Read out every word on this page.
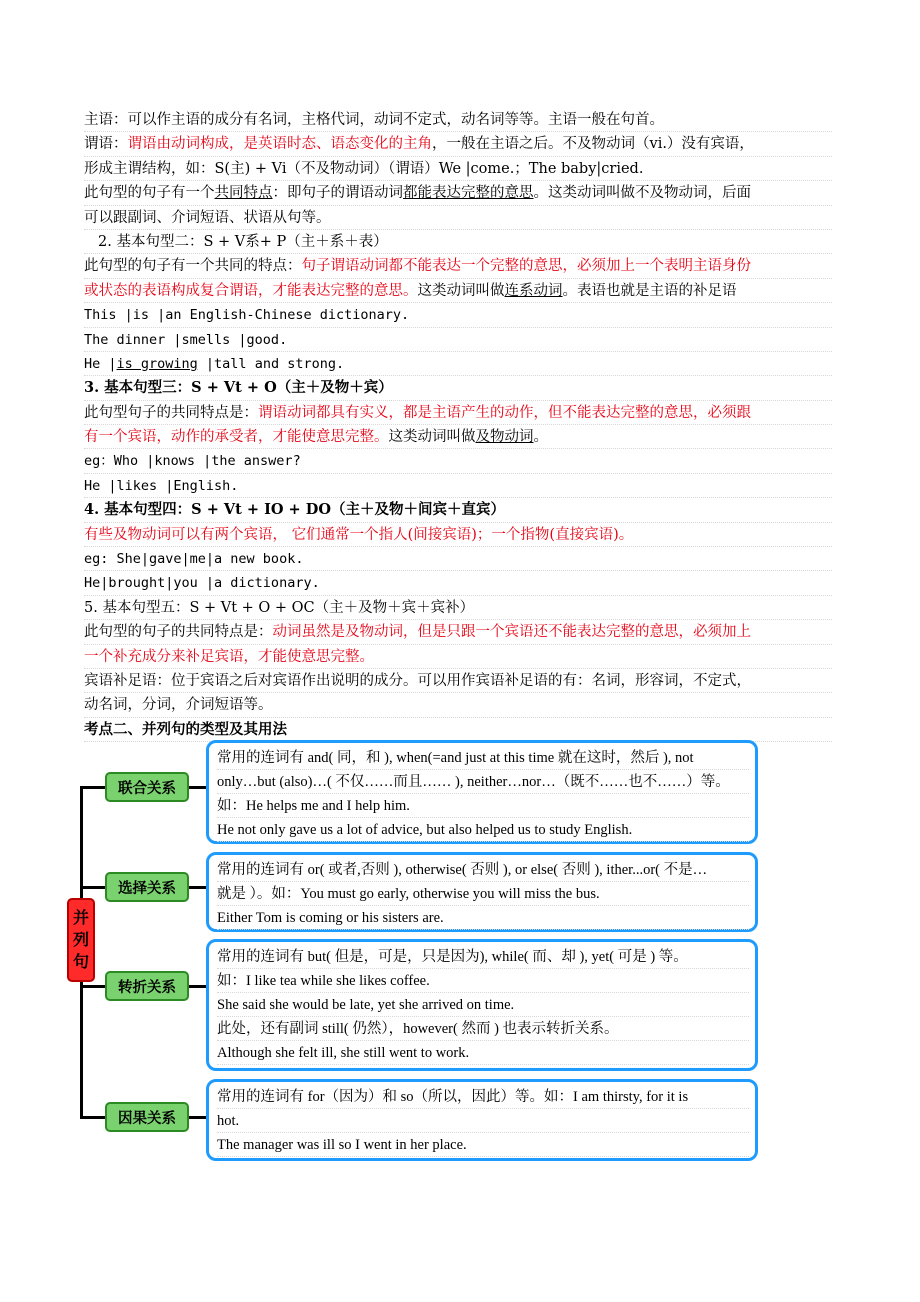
主语：可以作主语的成分有名词，主格代词，动词不定式，动名词等等。主语一般在句首。
谓语：谓语由动词构成，是英语时态、语态变化的主角，一般在主语之后。不及物动词（vi.）没有宾语，
形成主谓结构，如：S(主) + Vi（不及物动词）（谓语）We |come.；The baby|cried.
此句型的句子有一个共同特点：即句子的谓语动词都能表达完整的意思。这类动词叫做不及物动词，后面
可以跟副词、介词短语、状语从句等。
2. 基本句型二：S + V系+ P（主＋系＋表）
此句型的句子有一个共同的特点：句子谓语动词都不能表达一个完整的意思，必须加上一个表明主语身份
或状态的表语构成复合谓语，才能表达完整的意思。这类动词叫做连系动词。表语也就是主语的补足语
This |is |an English-Chinese dictionary.
The dinner |smells |good.
He |is growing |tall and strong.
3. 基本句型三：S + Vt + O（主＋及物＋宾）
此句型句子的共同特点是：谓语动词都具有实义，都是主语产生的动作，但不能表达完整的意思，必须跟
有一个宾语，动作的承受者，才能使意思完整。这类动词叫做及物动词。
eg：Who |knows |the answer?
He |likes |English.
4. 基本句型四：S + Vt + IO + DO（主＋及物＋间宾＋直宾）
有些及物动词可以有两个宾语， 它们通常一个指人(间接宾语)；一个指物(直接宾语)。
eg: She|gave|me|a new book.
He|brought|you |a dictionary.
5. 基本句型五：S + Vt + O + OC（主＋及物＋宾＋宾补）
此句型的句子的共同特点是：动词虽然是及物动词，但是只跟一个宾语还不能表达完整的意思，必须加上
一个补充成分来补足宾语，才能使意思完整。
宾语补足语：位于宾语之后对宾语作出说明的成分。可以用作宾语补足语的有：名词，形容词，不定式，
动名词，分词，介词短语等。
考点二、并列句的类型及其用法
并
列
句
联合关系
选择关系
转折关系
因果关系
常用的连词有 and( 同，和 ), when(=and just at this time 就在这时，然后 ), not
only…but (also)…( 不仅……而且…… ), neither…nor…（既不……也不……）等。
如：He helps me and I help him.
He not only gave us a lot of advice, but also helped us to study English.
常用的连词有 or( 或者,否则 ), otherwise( 否则 ), or else( 否则 ), ither...or( 不是…
就是 ）。如：You must go early, otherwise you will miss the bus.
Either Tom is coming or his sisters are.
常用的连词有 but( 但是，可是，只是因为), while( 而、却 ), yet( 可是 ) 等。
如：I like tea while she likes coffee.
She said she would be late, yet she arrived on time.
此处，还有副词 still( 仍然），however( 然而 ) 也表示转折关系。
Although she felt ill, she still went to work.
常用的连词有 for（因为）和 so（所以，因此）等。如：I am thirsty, for it is
hot.
The manager was ill so I went in her place.
